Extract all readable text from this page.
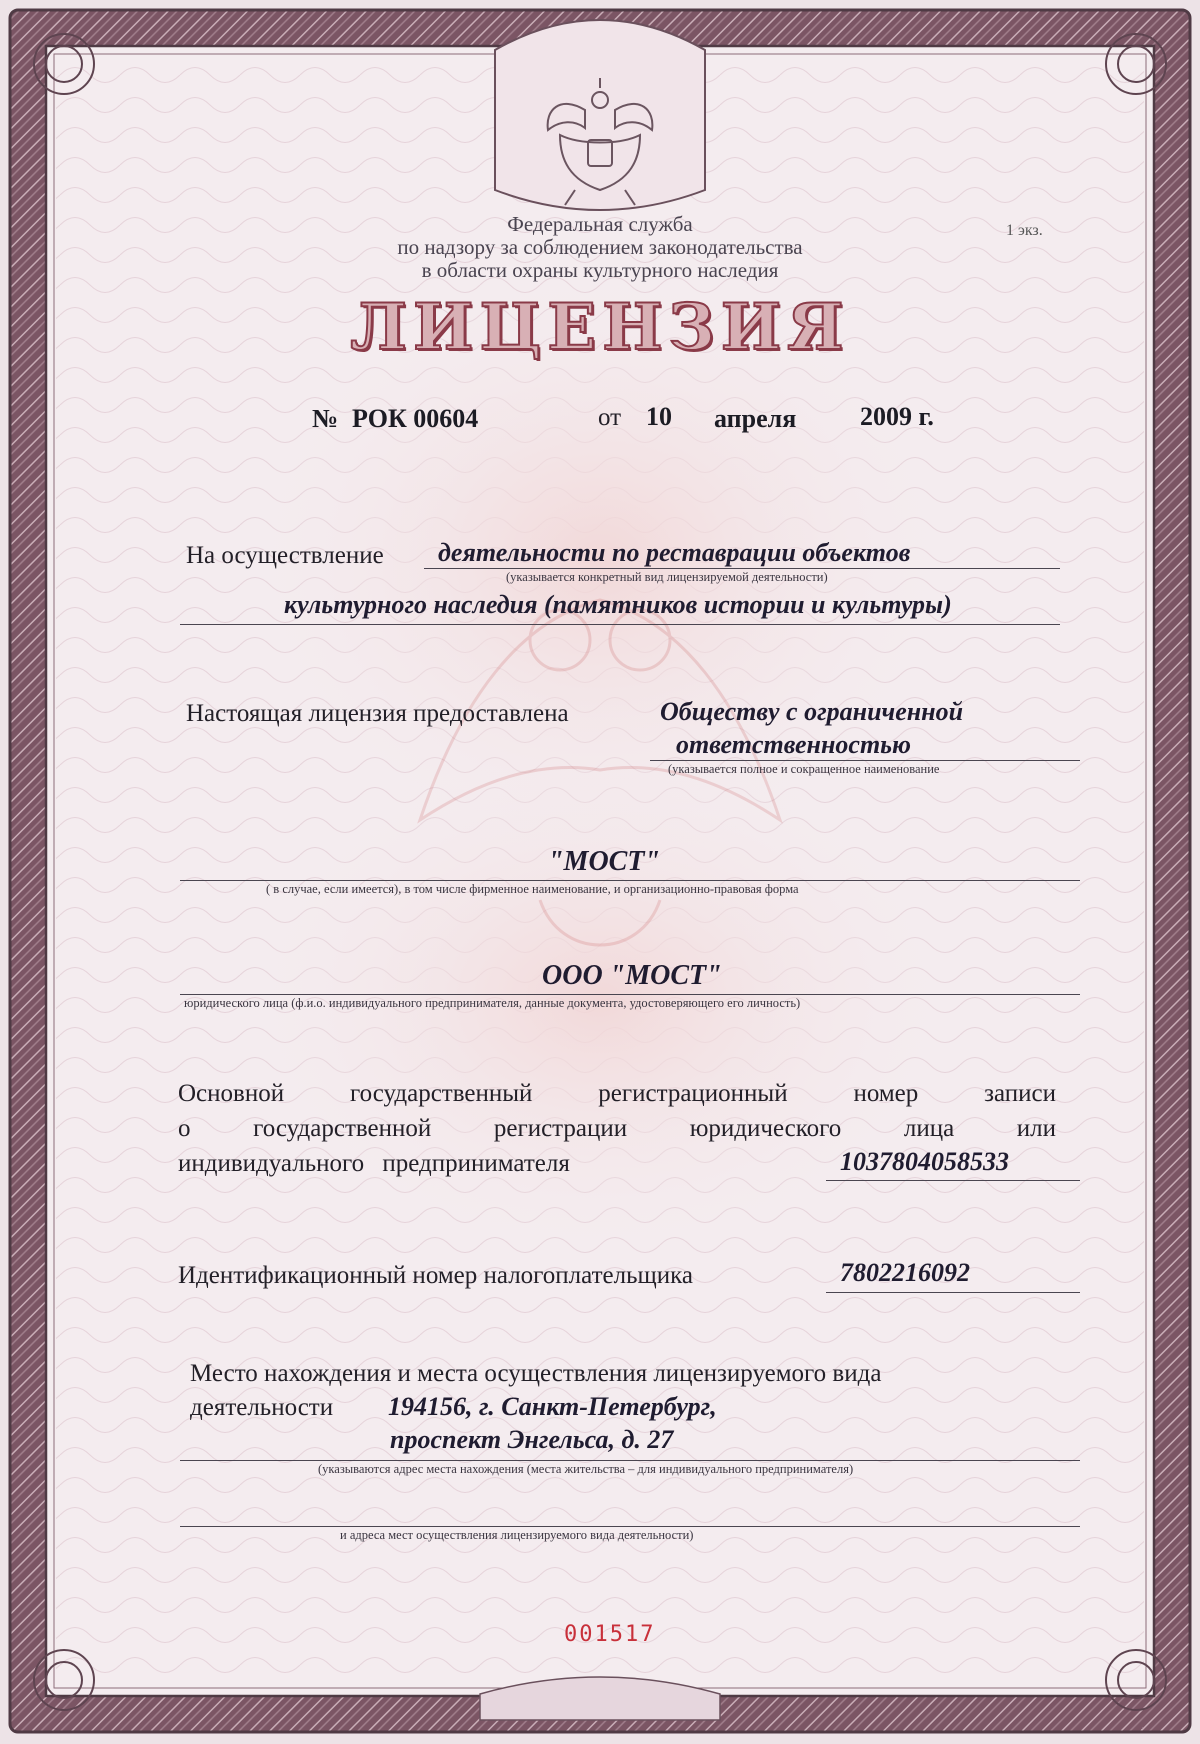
Федеральная служба

по надзору за соблюдением законодательства

в области охраны культурного наследия

1 экз.

ЛИЦЕНЗИЯ

№ РОК 00604	от 10 апреля 2009 г.
На осуществление деятельности по реставрации объектов
(указывается конкретный вид лицензируемой деятельности)
культурного наследия (памятников истории и культуры)
Настоящая лицензия предоставлена	Обществу с ограниченной
ответственностью
(указывается полное и сокращенное наименование
"МОСТ"
( в случае, если имеется), в том числе фирменное наименование, и организационно-правовая форма
ООО "МОСТ"
юридического лица (ф.и.о. индивидуального предпринимателя, данные документа, удостоверяющего его личность)

Основной государственный регистрационный номер записи

о государственной регистрации юридического лица или

индивидуального предпринимателя	1037804058533
Идентификационный номер налогоплательщика	7802216092
Место нахождения и места осуществления лицензируемого вида
деятельности 194156, г. Санкт-Петербург,
проспект Энгельса, д. 27
(указываются адрес места нахождения (места жительства – для индивидуального предпринимателя)
и адреса мест осуществления лицензируемого вида деятельности)
001517
